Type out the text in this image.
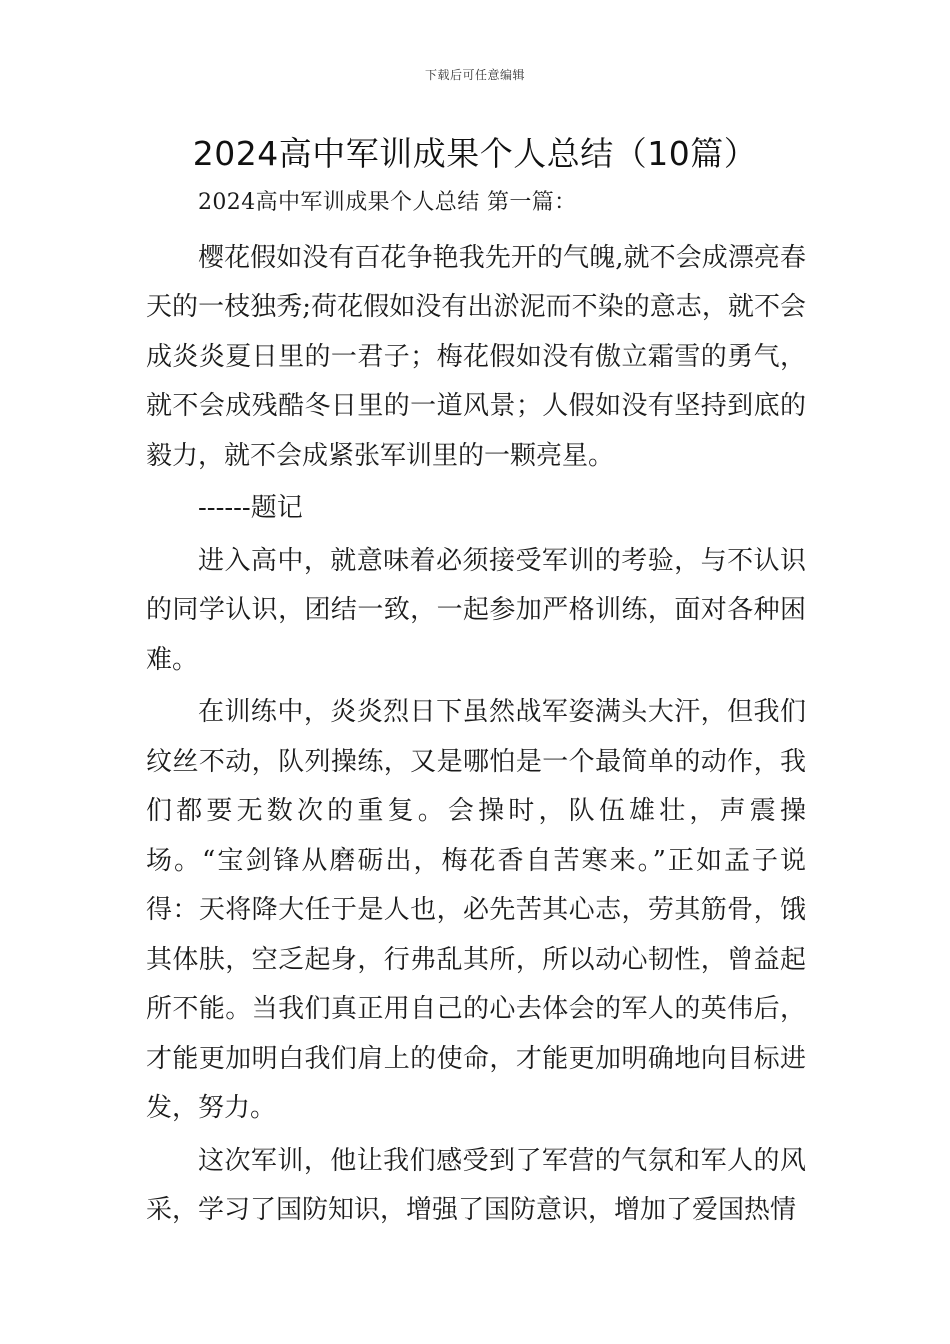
下载后可任意编辑
2024高中军训成果个人总结（10篇）

2024高中军训成果个人总结 第一篇：

樱花假如没有百花争艳我先开的气魄,就不会成漂亮春天的一枝独秀;荷花假如没有出淤泥而不染的意志，就不会成炎炎夏日里的一君子；梅花假如没有傲立霜雪的勇气，就不会成残酷冬日里的一道风景；人假如没有坚持到底的毅力，就不会成紧张军训里的一颗亮星。

------题记

进入高中，就意味着必须接受军训的考验，与不认识的同学认识，团结一致，一起参加严格训练，面对各种困难。

在训练中，炎炎烈日下虽然战军姿满头大汗，但我们纹丝不动，队列操练，又是哪怕是一个最简单的动作，我们都要无数次的重复。会操时，队伍雄壮，声震操场。“宝剑锋从磨砺出，梅花香自苦寒来。”正如孟子说得：天将降大任于是人也，必先苦其心志，劳其筋骨，饿其体肤，空乏起身，行弗乱其所，所以动心韧性，曾益起所不能。当我们真正用自己的心去体会的军人的英伟后，才能更加明白我们肩上的使命，才能更加明确地向目标进发，努力。

这次军训，他让我们感受到了军营的气氛和军人的风采，学习了国防知识，增强了国防意识，增加了爱国热情
